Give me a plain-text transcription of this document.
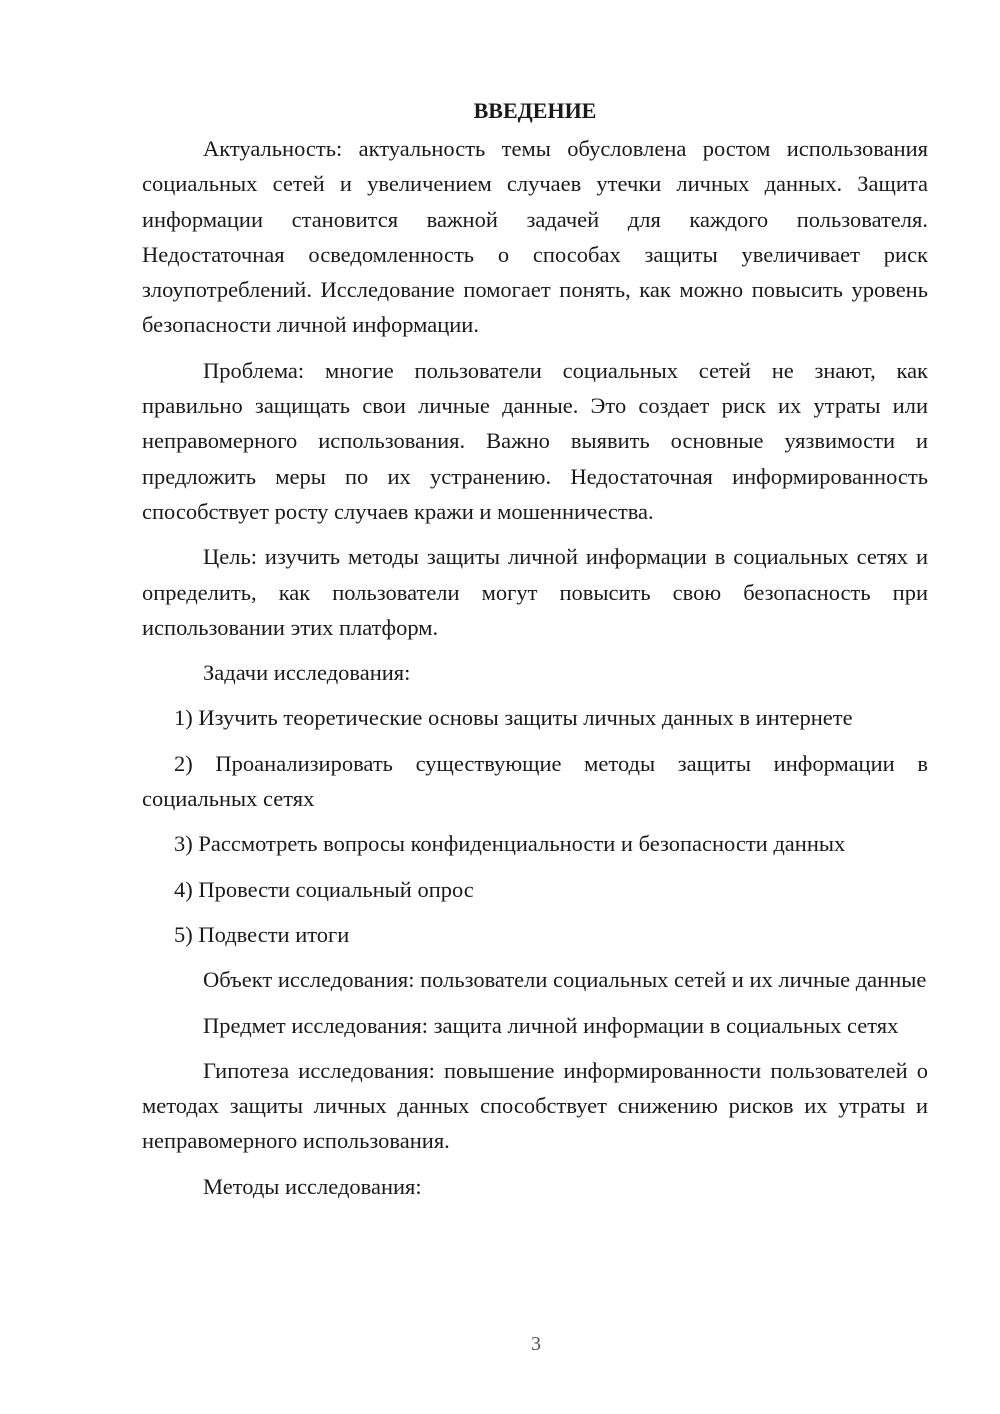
ВВЕДЕНИЕ

Актуальность: актуальность темы обусловлена ростом использования социальных сетей и увеличением случаев утечки личных данных. Защита информации становится важной задачей для каждого пользователя. Недостаточная осведомленность о способах защиты увеличивает риск злоупотреблений. Исследование помогает понять, как можно повысить уровень безопасности личной информации.

Проблема: многие пользователи социальных сетей не знают, как правильно защищать свои личные данные. Это создает риск их утраты или неправомерного использования. Важно выявить основные уязвимости и предложить меры по их устранению. Недостаточная информированность способствует росту случаев кражи и мошенничества.

Цель: изучить методы защиты личной информации в социальных сетях и определить, как пользователи могут повысить свою безопасность при использовании этих платформ.

Задачи исследования:

1) Изучить теоретические основы защиты личных данных в интернете

2) Проанализировать существующие методы защиты информации в социальных сетях

3) Рассмотреть вопросы конфиденциальности и безопасности данных

4) Провести социальный опрос

5) Подвести итоги

Объект исследования: пользователи социальных сетей и их личные данные

Предмет исследования: защита личной информации в социальных сетях

Гипотеза исследования: повышение информированности пользователей о методах защиты личных данных способствует снижению рисков их утраты и неправомерного использования.

Методы исследования:

3
